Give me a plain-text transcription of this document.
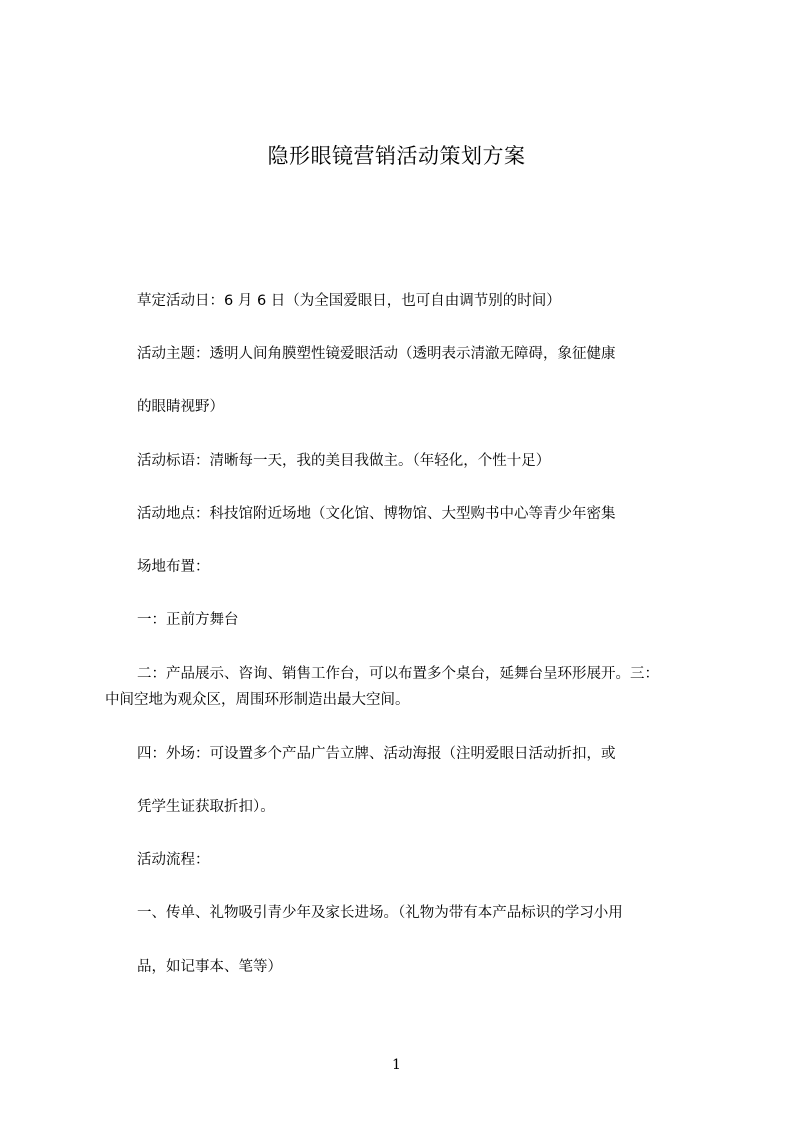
隐形眼镜营销活动策划方案
草定活动日：6 月 6 日（为全国爱眼日，也可自由调节别的时间）
活动主题：透明人间角膜塑性镜爱眼活动（透明表示清澈无障碍，象征健康
的眼睛视野）
活动标语：清晰每一天，我的美目我做主。（年轻化，个性十足）
活动地点：科技馆附近场地（文化馆、博物馆、大型购书中心等青少年密集
场地布置：
一：正前方舞台
二：产品展示、咨询、销售工作台，可以布置多个桌台，延舞台呈环形展开。三：
中间空地为观众区，周围环形制造出最大空间。
四：外场：可设置多个产品广告立牌、活动海报（注明爱眼日活动折扣，或
凭学生证获取折扣）。
活动流程：
一、传单、礼物吸引青少年及家长进场。（礼物为带有本产品标识的学习小用
品，如记事本、笔等）
1
